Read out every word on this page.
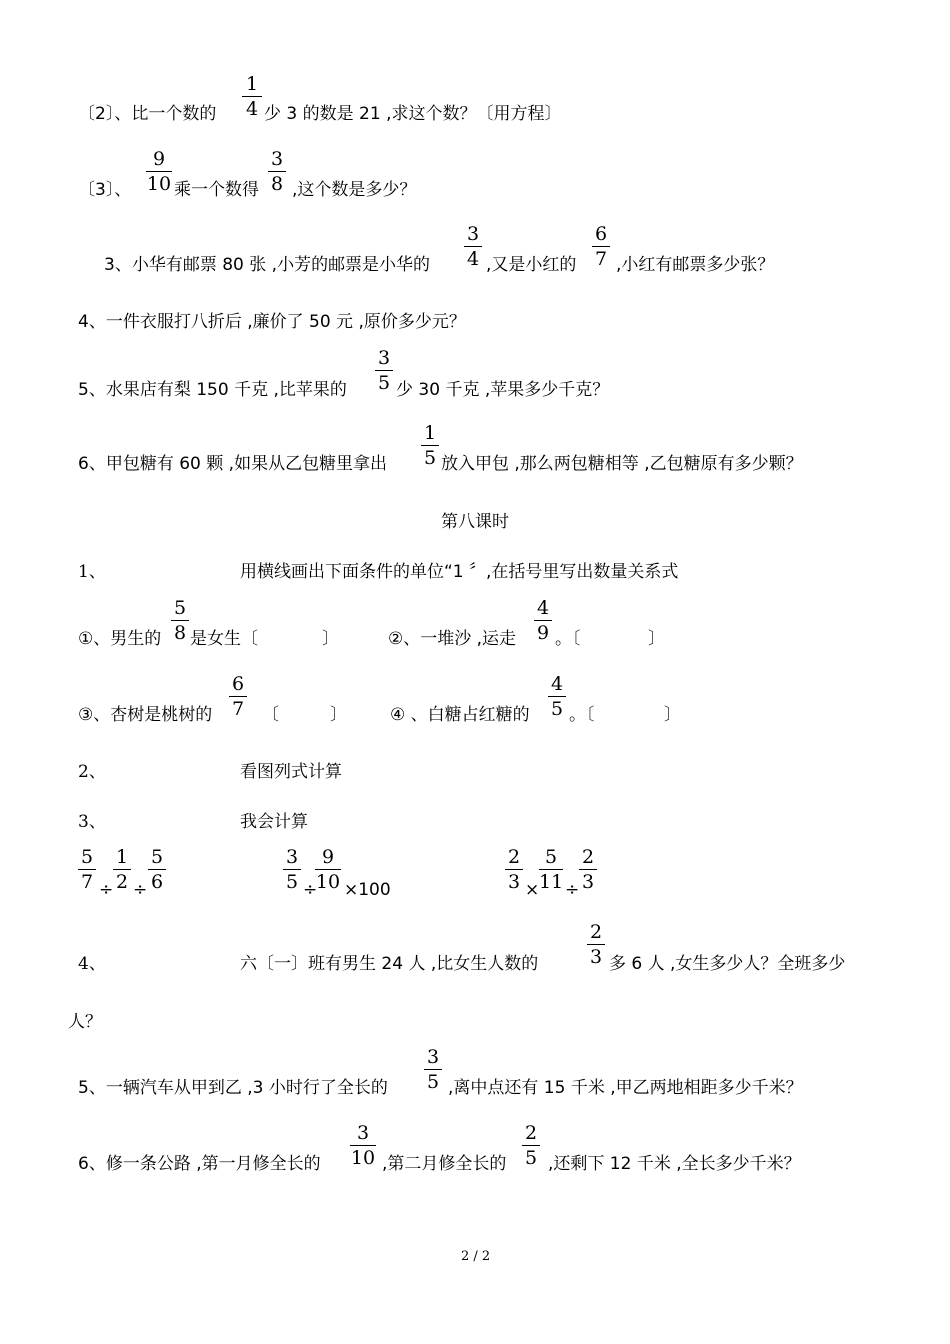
〔2〕、比一个数的
1
4 少 3 的数是 21 ,求这个数？〔用方程〕
〔3〕、
9
10 乘一个数得
3
8 ,这个数是多少？
3、小华有邮票 80 张 ,小芳的邮票是小华的
3
4 ,又是小红的
6
7 ,小红有邮票多少张？
4、一件衣服打八折后 ,廉价了 50 元 ,原价多少元？
5、水果店有梨 150 千克 ,比苹果的
3
5 少 30 千克 ,苹果多少千克？
6、甲包糖有 60 颗 ,如果从乙包糖里拿出
1
5 放入甲包 ,那么两包糖相等 ,乙包糖原有多少颗？
第八课时
1、	用横线画出下面条件的单位“1 〞,在括号里写出数量关系式
①、男生的
5
8 是女生〔	〕	②、一堆沙 ,运走
4
9 。〔	〕
③、杏树是桃树的
6
7 〔	〕	④ 、白糖占红糖的
4
5 。〔	〕
2、	看图列式计算
3、	我会计算
5
7 ÷
1
2 ÷
5
6
3
5 ÷
9
10 ×100
2
3 ×
5
11 ÷
2
3
4、	六〔一〕班有男生 24 人 ,比女生人数的
2
3 多 6 人 ,女生多少人？全班多少
人？
5、一辆汽车从甲到乙 ,3 小时行了全长的
3
5 ,离中点还有 15 千米 ,甲乙两地相距多少千米？
6、修一条公路 ,第一月修全长的
3
10 ,第二月修全长的
2
5 ,还剩下 12 千米 ,全长多少千米？
2 / 2
